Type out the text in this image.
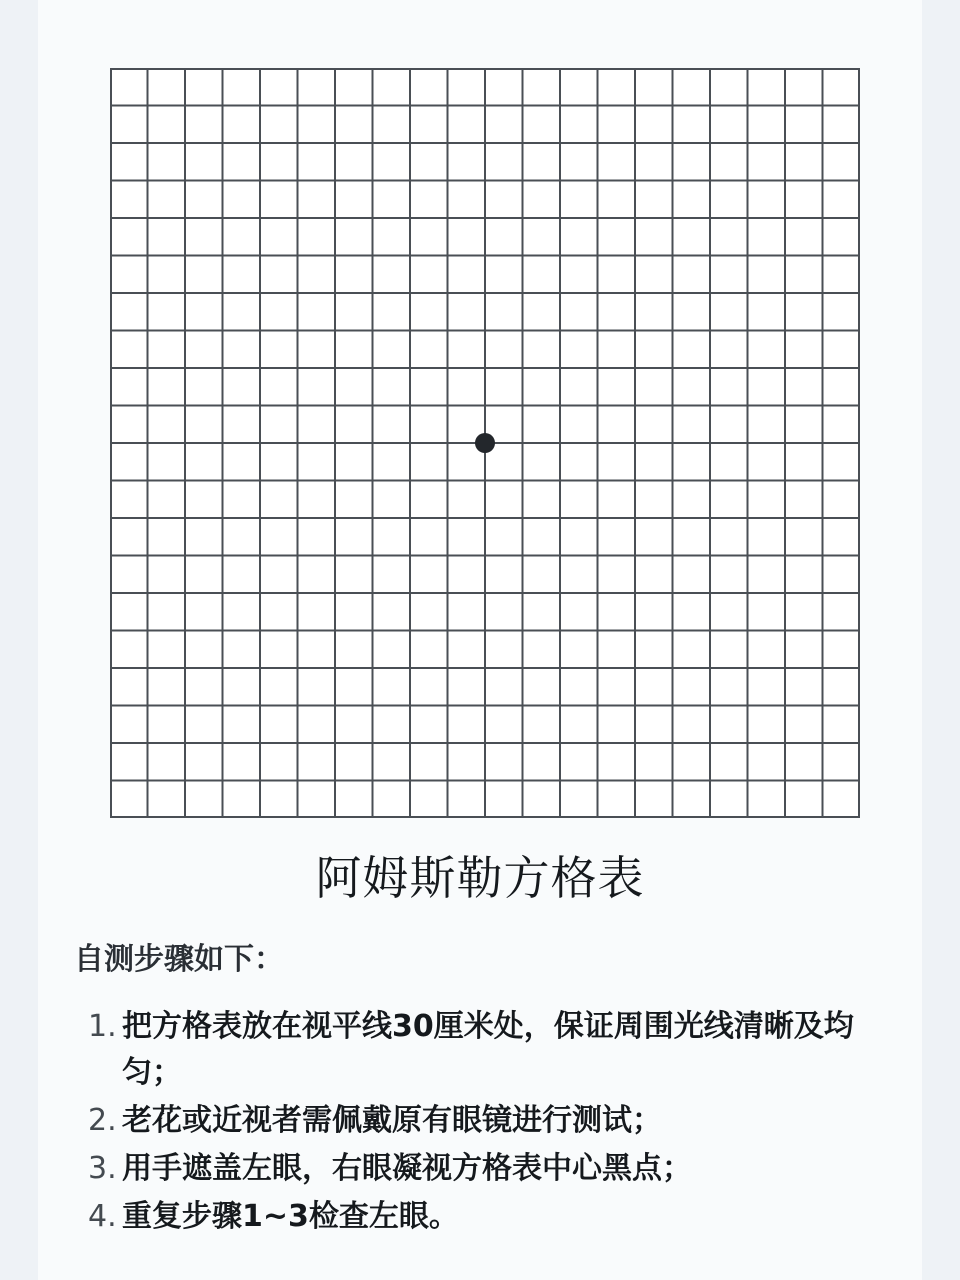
阿姆斯勒方格表
自测步骤如下：
1. 把方格表放在视平线30厘米处，保证周围光线清晰及均匀；
2. 老花或近视者需佩戴原有眼镜进行测试；
3. 用手遮盖左眼，右眼凝视方格表中心黑点；
4. 重复步骤1~3检查左眼。
